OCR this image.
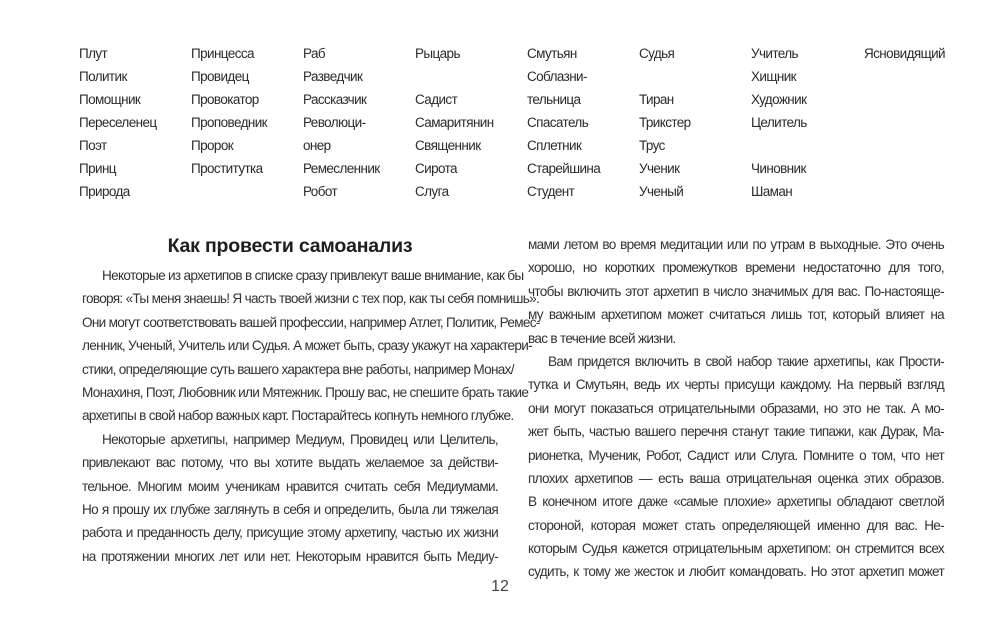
Плут
Политик
Помощник
Переселенец
Поэт
Принц
Природа
Принцесса
Провидец
Провокатор
Проповедник
Пророк
Проститутка
Раб
Разведчик
Рассказчик
Революци-
онер
Ремесленник
Робот
Рыцарь
Садист
Самаритянин
Священник
Сирота
Слуга
Смутьян
Соблазни-
тельница
Спасатель
Сплетник
Старейшина
Студент
Судья
Тиран
Трикстер
Трус
Ученик
Ученый
Учитель
Хищник
Художник
Целитель
Чиновник
Шаман
Ясновидящий
Как провести самоанализ
Некоторые из архетипов в списке сразу привлекут ваше внимание, как бы
говоря: «Ты меня знаешь! Я часть твоей жизни с тех пор, как ты себя помнишь».
Они могут соответствовать вашей профессии, например Атлет, Политик, Ремес-
ленник, Ученый, Учитель или Судья. А может быть, сразу укажут на характери-
стики, определяющие суть вашего характера вне работы, например Монах/
Монахиня, Поэт, Любовник или Мятежник. Прошу вас, не спешите брать такие
архетипы в свой набор важных карт. Постарайтесь копнуть немного глубже.
Некоторые архетипы, например Медиум, Провидец или Целитель,
привлекают вас потому, что вы хотите выдать желаемое за действи-
тельное. Многим моим ученикам нравится считать себя Медиумами.
Но я прошу их глубже заглянуть в себя и определить, была ли тяжелая
работа и преданность делу, присущие этому архетипу, частью их жизни
на протяжении многих лет или нет. Некоторым нравится быть Медиу-
мами летом во время медитации или по утрам в выходные. Это очень
хорошо, но коротких промежутков времени недостаточно для того,
чтобы включить этот архетип в число значимых для вас. По-настояще-
му важным архетипом может считаться лишь тот, который влияет на
вас в течение всей жизни.
Вам придется включить в свой набор такие архетипы, как Прости-
тутка и Смутьян, ведь их черты присущи каждому. На первый взгляд
они могут показаться отрицательными образами, но это не так. А мо-
жет быть, частью вашего перечня станут такие типажи, как Дурак, Ма-
рионетка, Мученик, Робот, Садист или Слуга. Помните о том, что нет
плохих архетипов — есть ваша отрицательная оценка этих образов.
В конечном итоге даже «самые плохие» архетипы обладают светлой
стороной, которая может стать определяющей именно для вас. Не-
которым Судья кажется отрицательным архетипом: он стремится всех
судить, к тому же жесток и любит командовать. Но этот архетип может
12
